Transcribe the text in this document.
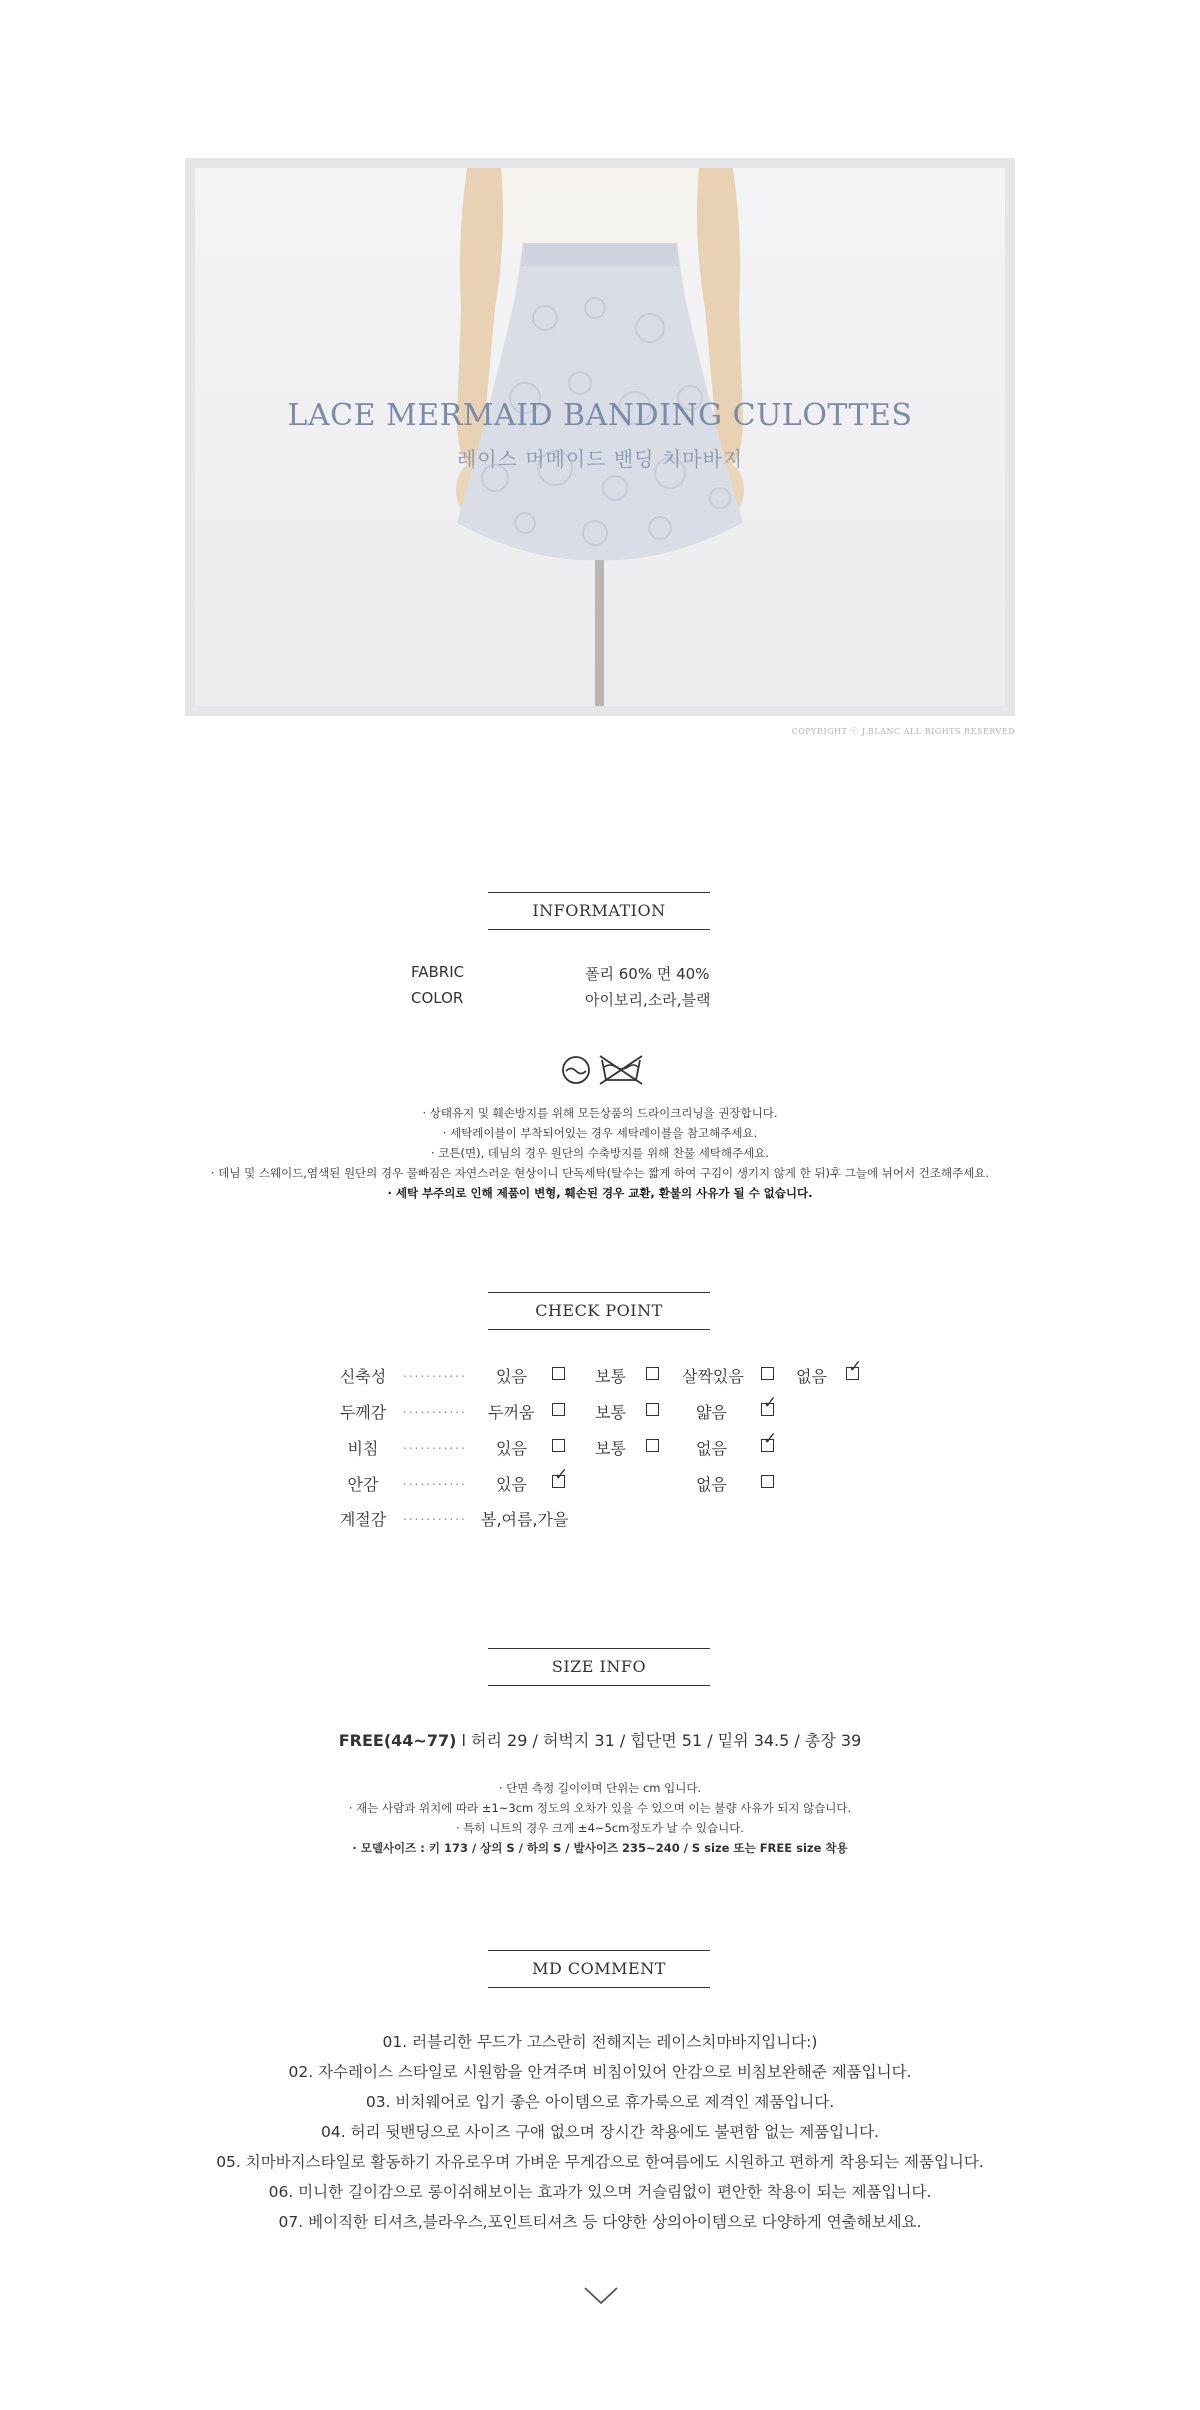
LACE MERMAID BANDING CULOTTES
레이스 머메이드 밴딩 치마바지
COPYRIGHT ⓒ J.BLANC ALL RIGHTS RESERVED
INFORMATION
FABRIC	폴리 60% 면 40%
COLOR	아이보리,소라,블랙
· 상태유지 및 훼손방지를 위해 모든상품의 드라이크리닝을 권장합니다.
· 세탁레이블이 부착되어있는 경우 세탁레이블을 참고해주세요.
· 코튼(면), 데님의 경우 원단의 수축방지를 위해 찬물 세탁해주세요.
· 데님 및 스웨이드,염색된 원단의 경우 물빠짐은 자연스러운 현상이니 단독세탁(탈수는 짧게 하여 구김이 생기지 않게 한 뒤)후 그늘에 뉘어서 건조해주세요.
· 세탁 부주의로 인해 제품이 변형, 훼손된 경우 교환, 환불의 사유가 될 수 없습니다.
CHECK POINT
신축성	........... 있음	보통	살짝있음	없음 ✓
두께감	........... 두꺼움	보통	얇음 ✓
비침	........... 있음	보통	없음 ✓
안감	........... 있음 ✓	없음
계절감	........... 봄,여름,가을
SIZE INFO
FREE(44~77) l 허리 29 / 허벅지 31 / 힙단면 51 / 밑위 34.5 / 총장 39
· 단면 측정 길이이며 단위는 cm 입니다.
· 재는 사람과 위치에 따라 ±1~3cm 정도의 오차가 있을 수 있으며 이는 불량 사유가 되지 않습니다.
· 특히 니트의 경우 크게 ±4~5cm정도가 날 수 있습니다.
· 모델사이즈 : 키 173 / 상의 S / 하의 S / 발사이즈 235~240 / S size 또는 FREE size 착용
MD COMMENT
01. 러블리한 무드가 고스란히 전해지는 레이스치마바지입니다:)
02. 자수레이스 스타일로 시원함을 안겨주며 비침이있어 안감으로 비침보완해준 제품입니다.
03. 비치웨어로 입기 좋은 아이템으로 휴가룩으로 제격인 제품입니다.
04. 허리 뒷밴딩으로 사이즈 구애 없으며 장시간 착용에도 불편함 없는 제품입니다.
05. 치마바지스타일로 활동하기 자유로우며 가벼운 무게감으로 한여름에도 시원하고 편하게 착용되는 제품입니다.
06. 미니한 길이감으로 롱이쉬해보이는 효과가 있으며 거슬림없이 편안한 착용이 되는 제품입니다.
07. 베이직한 티셔츠,블라우스,포인트티셔츠 등 다양한 상의아이템으로 다양하게 연출해보세요.
